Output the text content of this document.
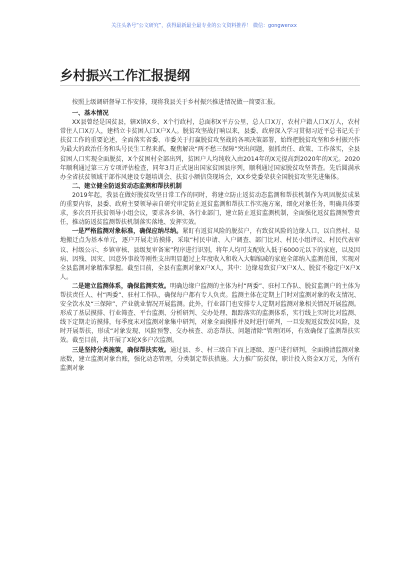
关注头条号“公文研究”，获得最新最全最专业的公文资料推荐！ 微信：gongwenxx
乡村振兴工作汇报提纲

按照上级调研督导工作安排，现将我县关于乡村振兴推进情况做一简要汇报。

一、基本情况

XX县曾经是国贫县，辖X镇X乡、X个行政村，总面积X平方公里，总人口X万，农村户籍人口X万人，农村常住人口X万人，建档立卡贫困人口X户X人。脱贫攻坚战打响以来，县委、政府深入学习贯彻习近平总书记关于扶贫工作的重要论述，全面落实省委、市委关于打赢脱贫攻坚战的各项决策部署，始终把脱贫攻坚和乡村振兴作为最大的政治任务和头号民生工程来抓，聚焦解决“两不愁三保障”突出问题，狠抓责任、政策、工作落实，全县贫困人口实现全面脱贫，X个贫困村全部出列，贫困户人均纯收入由2014年的X元提高到2020年的X元。2020年顺利通过第三方专项评估检查，同年3月正式退出国家贫困县序列，顺利通过国家脱贫攻坚普查。先后圆满承办全省扶贫领域干部作风建设专题培训会、扶贫小额信贷现场会，XX乡党委荣获全国脱贫攻坚先进集体。

二、建立健全防返贫动态监测和帮扶机制

2019年起，我县在做好脱贫攻坚日常工作的同时，将建立防止返贫动态监测和帮扶机制作为巩固脱贫成果的重要内容，县委、政府主要领导亲自研究审定防止返贫监测和帮扶工作实施方案，细化对象任务，明确具体要求，多次召开扶贫领导小组会议，要求各乡镇、各行业部门，建立防止返贫监测机制，全面强化返贫监测预警责任，推动防返贫监测帮扶机制落实落地、发挥实效。

一是严格监测对象标准，确保应纳尽纳。紧盯有返贫风险的脱贫户，有致贫风险的边缘人口，以自然村、易地搬迁点为基本单元，逐户开展走访摸排，采取“村民申请、入户调查、部门比对、村民小组评议、村民代表审议、村级公示、乡镇审核、县级复审备案”程序进行识别，将年人均可支配收入低于6000元以下的家庭，以及因病、因残、因灾、因意外事故等刚性支出明显超过上年度收入和收入大幅缩减的家庭全部纳入监测范围，实现对全县监测对象精准掌握。截至目前，全县有监测对象X户X人，其中：边缘易致贫户X户X人、脱贫不稳定户X户X人。

二是建立监测体系，确保监测实效。明确边缘户监测的主体为村“两委”、驻村工作队、脱贫监测户的主体为帮扶责任人、村“两委”、驻村工作队，确保每户都有专人负责。监测主体在定期上门时对监测对象的收支情况、安全饮水及“三保障”、产业就业情况开展监测。此外，行业部门也安排专人定期对监测对象相关情况开展监测。形成了基层摸排、行业筛查、平台监测、分析研判、交办处理、跟踪落实的监测体系，实行线上实时比对监测、线下定期走访摸排，每季度末对监测对象集中研判，对象全面摸排并及时进行研判，一旦发现返贫致贫风险，及时开展帮扶，形成“对象发现、风险预警、交办核查、动态帮扶、问题清除”管理闭环，有效确保了监测帮扶实效。截至目前，共开展了X轮X多户次监测。

三是坚持分类施策，确保帮扶实效。通过县、乡、村三级自下而上逐级、逐户进行研判，全面摸清监测对象底数，建立监测对象台账，强化动态管理，分类制定帮扶措施。大力推广防贫保，职计投入资金X万元，为所有监测对象
